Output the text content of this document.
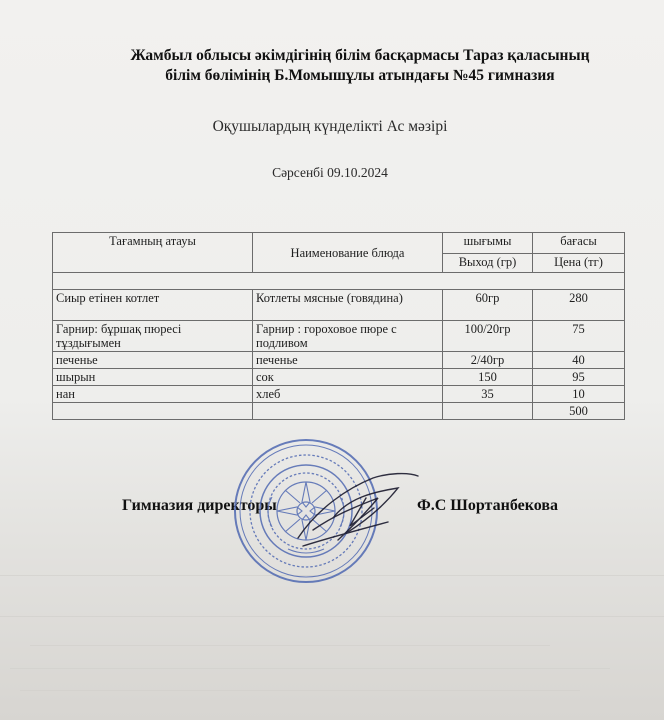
Жамбыл облысы әкімдігінің білім басқармасы Тараз қаласының
білім бөлімінің Б.Момышұлы атындағы №45 гимназия
Оқушылардың күнделікті Ас мәзірі
Сәрсенбі 09.10.2024
Тағамның атауы	Наименование блюда	шығымы	бағасы
		Выход (гр)	Цена (тг)

Сиыр етінен котлет	Котлеты мясные (говядина)	60гр	280
Гарнир: бұршақ пюресі тұздығымен	Гарнир : гороховое пюре с подливом	100/20гр	75
печенье	печенье	2/40гр	40
шырын	сок	150	95
нан	хлеб	35	10
			500
Гимназия директоры	Ф.С Шортанбекова
